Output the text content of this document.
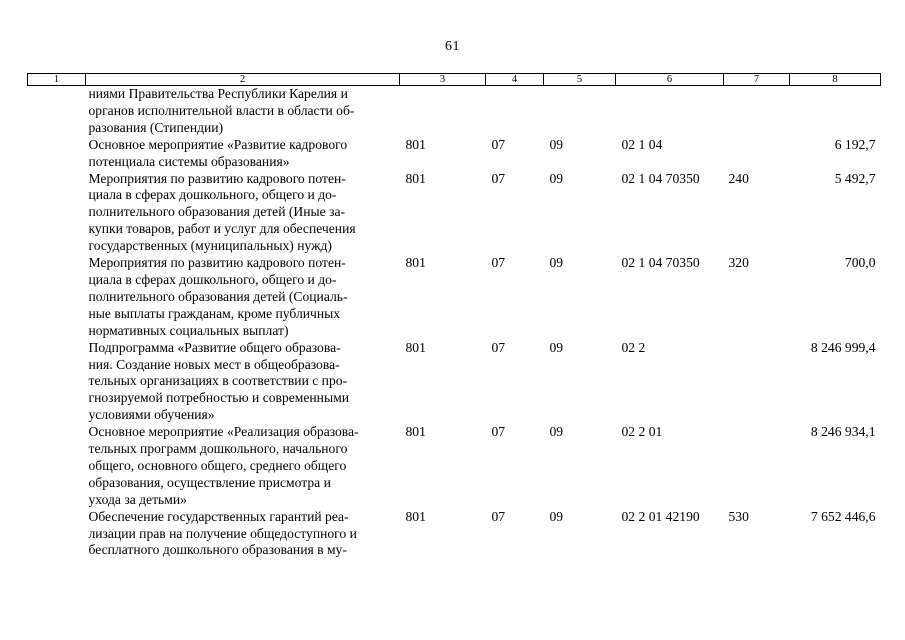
61
1	2	3	4	5	6	7	8

	ниями Правительства Республики Карелия и
органов исполнительной власти в области об-
разования (Стипендии)						

	Основное мероприятие «Развитие кадрового
потенциала системы образования»	801	07	09	02 1 04		6 192,7

	Мероприятия по развитию кадрового потен-
циала в сферах дошкольного, общего и до-
полнительного образования детей (Иные за-
купки товаров, работ и услуг для обеспечения
государственных (муниципальных) нужд)	801	07	09	02 1 04 70350	240	5 492,7

	Мероприятия по развитию кадрового потен-
циала в сферах дошкольного, общего и до-
полнительного образования детей (Социаль-
ные выплаты гражданам, кроме публичных
нормативных социальных выплат)	801	07	09	02 1 04 70350	320	700,0

	Подпрограмма «Развитие общего образова-
ния. Создание новых мест в общеобразова-
тельных организациях в соответствии с про-
гнозируемой потребностью и современными
условиями обучения»	801	07	09	02 2		8 246 999,4

	Основное мероприятие «Реализация образова-
тельных программ дошкольного, начального
общего, основного общего, среднего общего
образования, осуществление присмотра и
ухода за детьми»	801	07	09	02 2 01		8 246 934,1

	Обеспечение государственных гарантий реа-
лизации прав на получение общедоступного и
бесплатного дошкольного образования в му-	801	07	09	02 2 01 42190	530	7 652 446,6
